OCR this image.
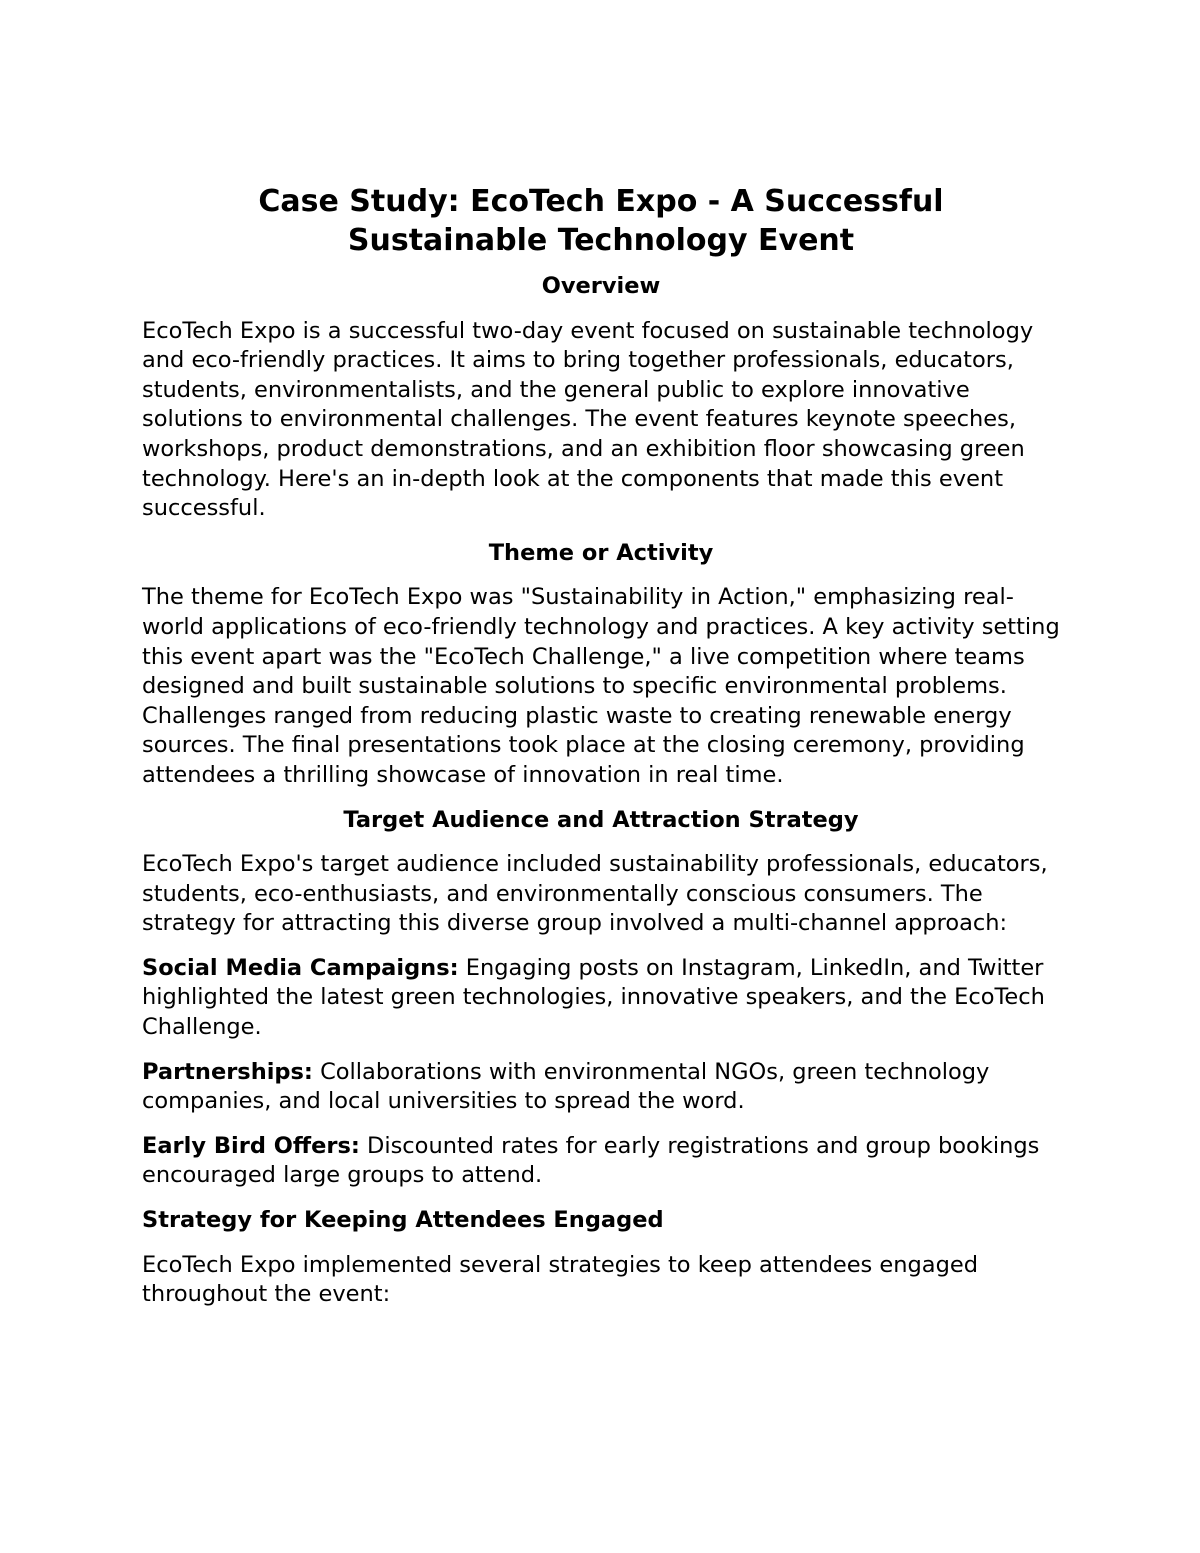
Case Study: EcoTech Expo - A Successful
Sustainable Technology Event
Overview

EcoTech Expo is a successful two-day event focused on sustainable technology and eco-friendly practices. It aims to bring together professionals, educators, students, environmentalists, and the general public to explore innovative solutions to environmental challenges. The event features keynote speeches, workshops, product demonstrations, and an exhibition floor showcasing green technology. Here's an in-depth look at the components that made this event successful.

Theme or Activity

The theme for EcoTech Expo was "Sustainability in Action," emphasizing real-world applications of eco-friendly technology and practices. A key activity setting this event apart was the "EcoTech Challenge," a live competition where teams designed and built sustainable solutions to specific environmental problems. Challenges ranged from reducing plastic waste to creating renewable energy sources. The final presentations took place at the closing ceremony, providing attendees a thrilling showcase of innovation in real time.

Target Audience and Attraction Strategy

EcoTech Expo's target audience included sustainability professionals, educators, students, eco-enthusiasts, and environmentally conscious consumers. The strategy for attracting this diverse group involved a multi-channel approach:

Social Media Campaigns: Engaging posts on Instagram, LinkedIn, and Twitter highlighted the latest green technologies, innovative speakers, and the EcoTech Challenge.

Partnerships: Collaborations with environmental NGOs, green technology companies, and local universities to spread the word.

Early Bird Offers: Discounted rates for early registrations and group bookings encouraged large groups to attend.

Strategy for Keeping Attendees Engaged

EcoTech Expo implemented several strategies to keep attendees engaged throughout the event:
